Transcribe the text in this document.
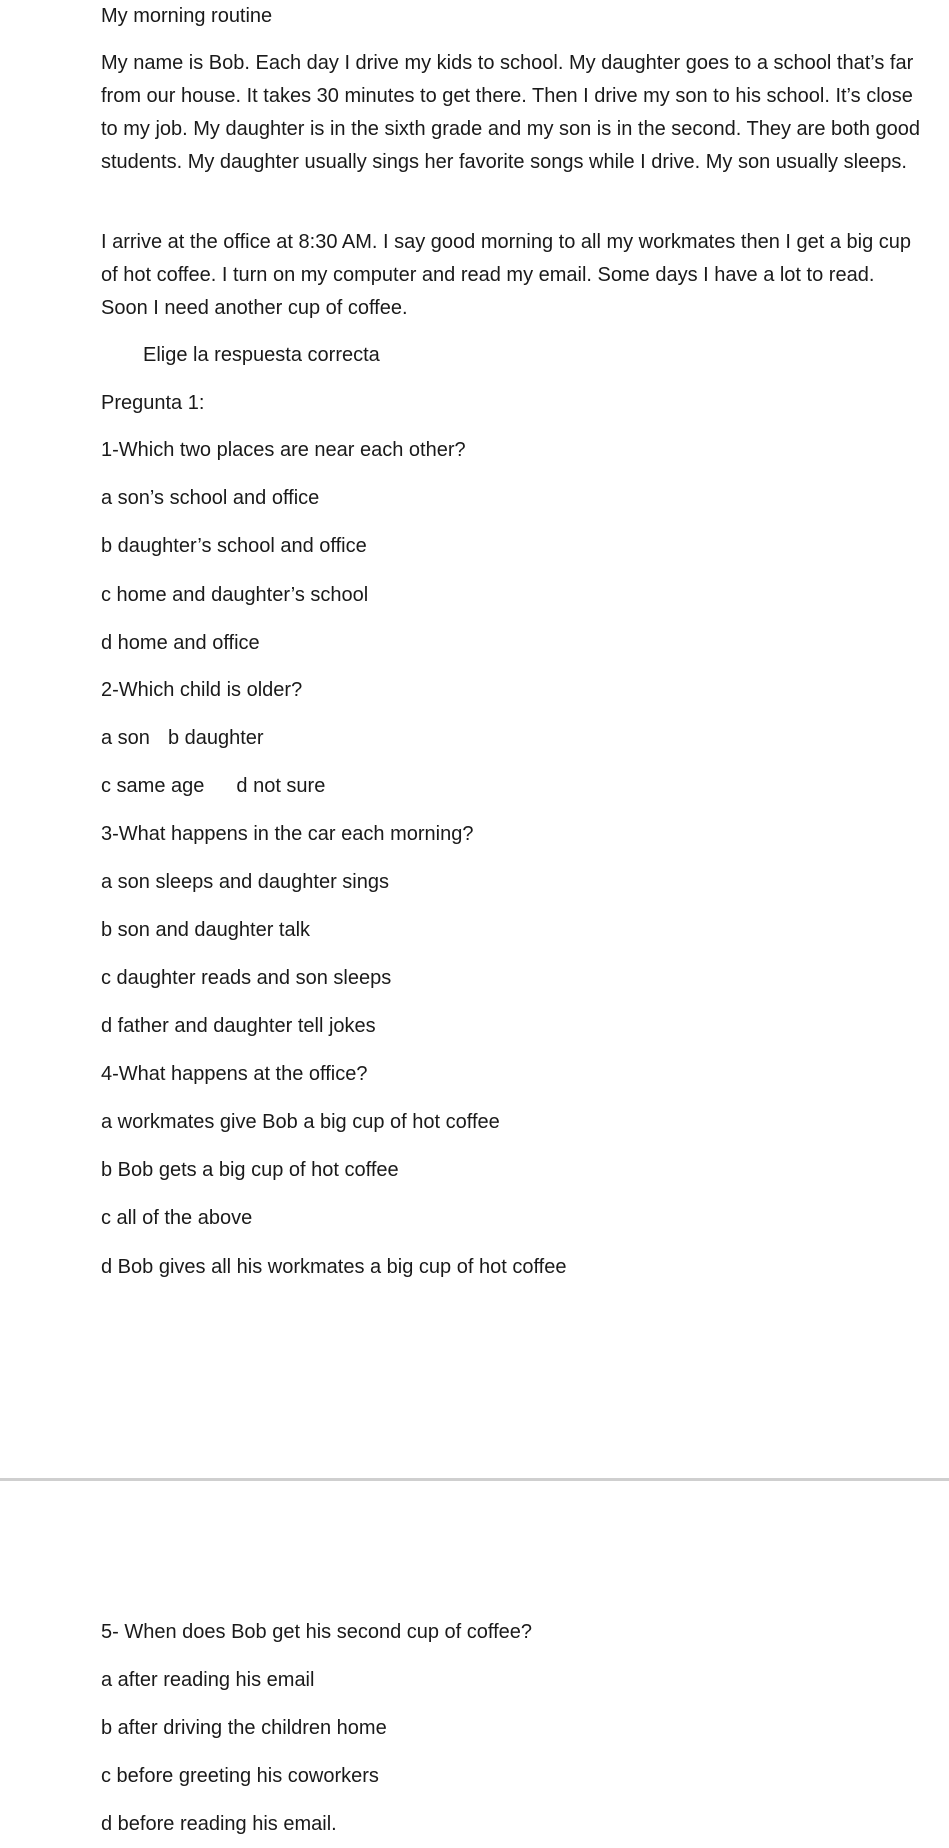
My morning routine

My name is Bob. Each day I drive my kids to school. My daughter goes to a school that’s far from our house. It takes 30 minutes to get there. Then I drive my son to his school. It’s close to my job. My daughter is in the sixth grade and my son is in the second. They are both good students. My daughter usually sings her favorite songs while I drive. My son usually sleeps.

I arrive at the office at 8:30 AM. I say good morning to all my workmates then I get a big cup of hot coffee. I turn on my computer and read my email. Some days I have a lot to read. Soon I need another cup of coffee.

Elige la respuesta correcta
Pregunta 1:
1-Which two places are near each other?
a son’s school and office
b daughter’s school and office
c home and daughter’s school
d home and office
2-Which child is older?
a son b daughter
c same age d not sure
3-What happens in the car each morning?
a son sleeps and daughter sings
b son and daughter talk
c daughter reads and son sleeps
d father and daughter tell jokes
4-What happens at the office?
a workmates give Bob a big cup of hot coffee
b Bob gets a big cup of hot coffee
c all of the above
d Bob gives all his workmates a big cup of hot coffee
5- When does Bob get his second cup of coffee?
a after reading his email
b after driving the children home
c before greeting his coworkers
d before reading his email.
